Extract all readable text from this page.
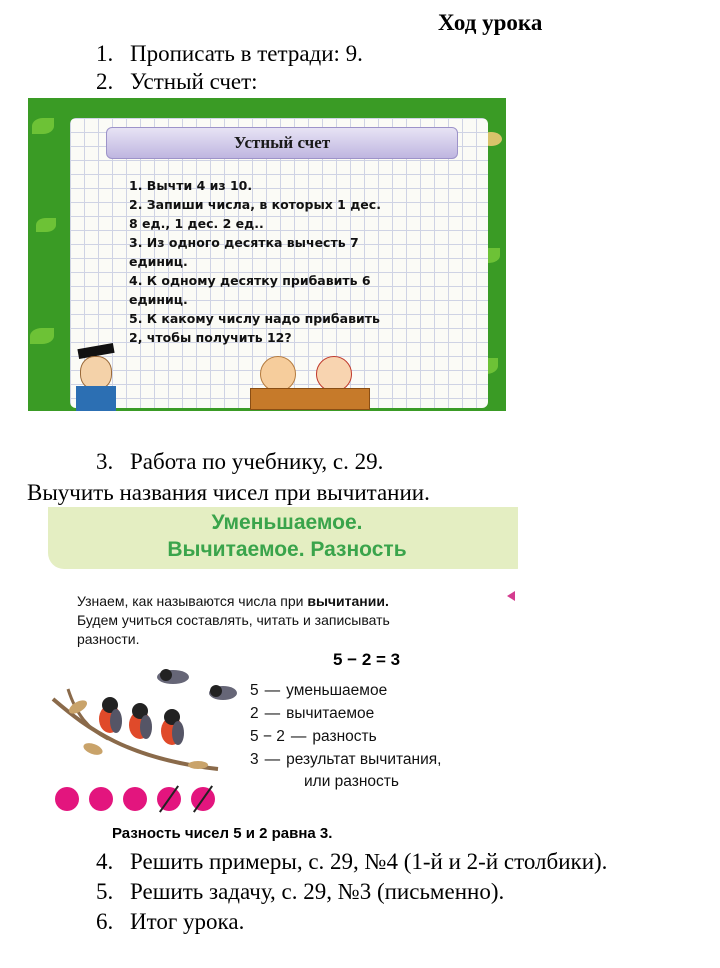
Ход урока
1. Прописать в тетради: 9.
2. Устный счет:
Устный счет
1. Вычти 4 из 10.
2. Запиши числа, в которых 1 дес.
8 ед., 1 дес. 2 ед..
3. Из одного десятка вычесть 7
единиц.
4. К одному десятку прибавить 6
единиц.
5. К какому числу надо прибавить
2, чтобы получить 12?
3. Работа по учебнику, с. 29.
Выучить названия чисел при вычитании.
Уменьшаемое.
Вычитаемое. Разность
Узнаем, как называются числа при вычитании.
Будем учиться составлять, читать и записывать
разности.
5 − 2 = 3
5 — уменьшаемое
2 — вычитаемое
5 − 2 — разность
3 — результат вычитания,
или разность
Разность чисел 5 и 2 равна 3.
4. Решить примеры, с. 29, №4 (1-й и 2-й столбики).
5. Решить задачу, с. 29, №3 (письменно).
6. Итог урока.
